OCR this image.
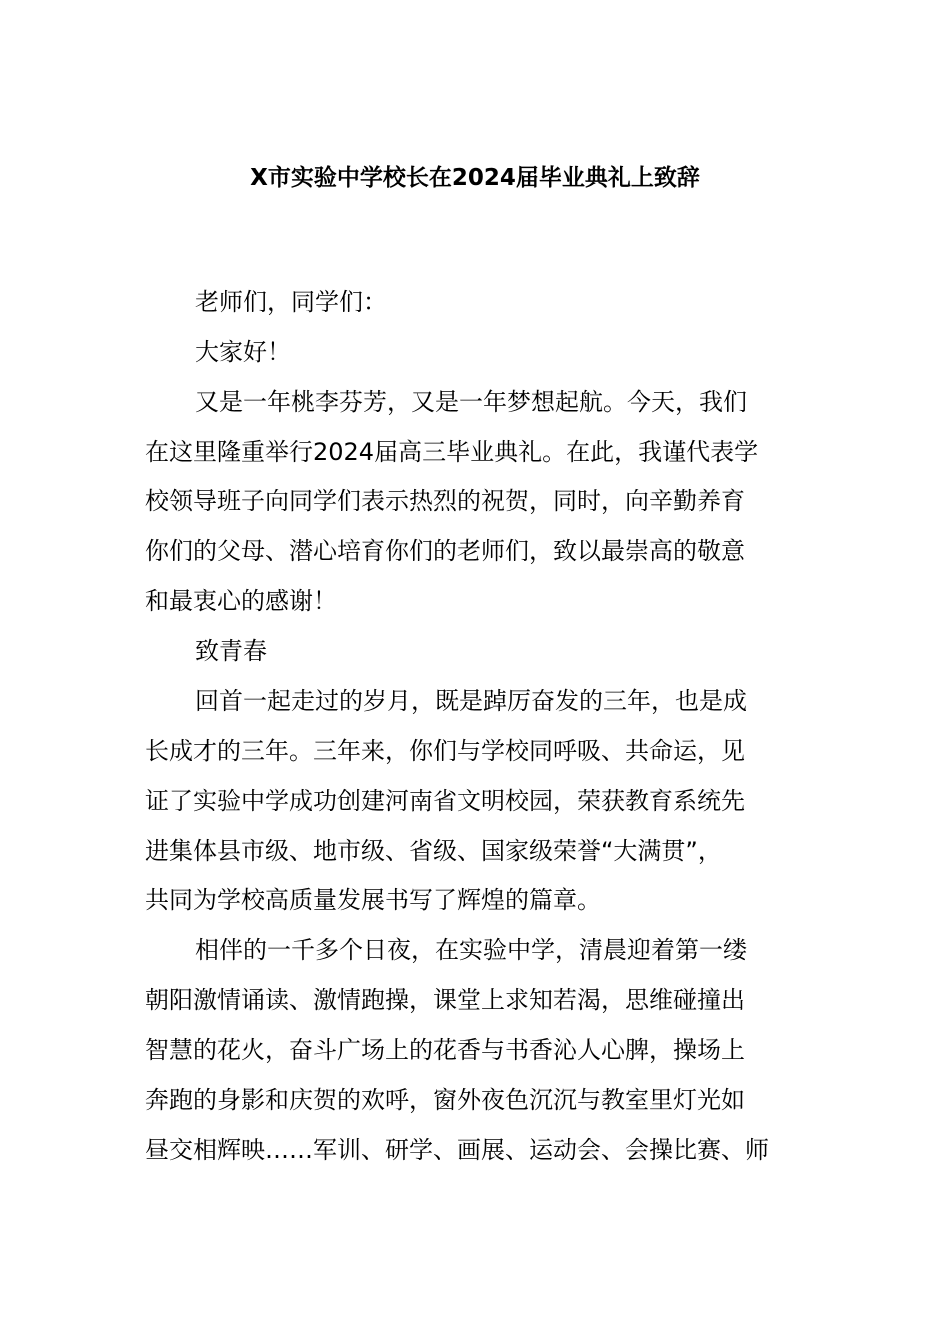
X市实验中学校长在2024届毕业典礼上致辞
老师们，同学们：
大家好！
又是一年桃李芬芳，又是一年梦想起航。今天，我们
在这里隆重举行2024届高三毕业典礼。在此，我谨代表学
校领导班子向同学们表示热烈的祝贺，同时，向辛勤养育
你们的父母、潜心培育你们的老师们，致以最崇高的敬意
和最衷心的感谢！
致青春
回首一起走过的岁月，既是踔厉奋发的三年，也是成
长成才的三年。三年来，你们与学校同呼吸、共命运，见
证了实验中学成功创建河南省文明校园，荣获教育系统先
进集体县市级、地市级、省级、国家级荣誉“大满贯”，
共同为学校高质量发展书写了辉煌的篇章。
相伴的一千多个日夜，在实验中学，清晨迎着第一缕
朝阳激情诵读、激情跑操，课堂上求知若渴，思维碰撞出
智慧的花火，奋斗广场上的花香与书香沁人心脾，操场上
奔跑的身影和庆贺的欢呼，窗外夜色沉沉与教室里灯光如
昼交相辉映……军训、研学、画展、运动会、会操比赛、师
